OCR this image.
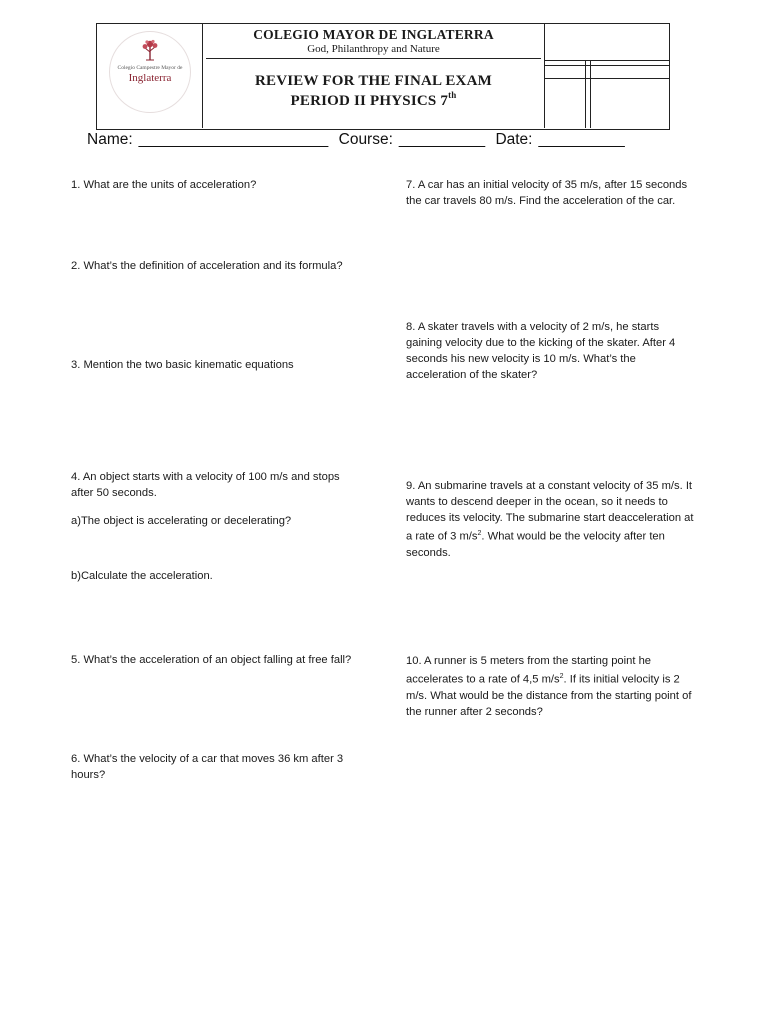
Colegio Campestre Mayor de
Inglaterra
COLEGIO MAYOR DE INGLATERRA
God, Philanthropy and Nature
REVIEW FOR THE FINAL EXAM
PERIOD II PHYSICS 7th
Name: ______________________ Course: __________ Date: __________
1. What are the units of acceleration?
2. What’s the definition of acceleration and its formula?
3. Mention the two basic kinematic equations
4. An object starts with a velocity of 100 m/s and stops after 50 seconds.
a)The object is accelerating or decelerating?
b)Calculate the acceleration.
5. What’s the acceleration of an object falling at free fall?
6. What’s the velocity of a car that moves 36 km after 3 hours?
7. A car has an initial velocity of 35 m/s, after 15 seconds the car travels 80 m/s. Find the acceleration of the car.
8. A skater travels with a velocity of 2 m/s, he starts gaining velocity due to the kicking of the skater. After 4 seconds his new velocity is 10 m/s. What’s the acceleration of the skater?
9. An submarine travels at a constant velocity of 35 m/s. It wants to descend deeper in the ocean, so it needs to reduces its velocity. The submarine start deacceleration at a rate of 3 $m/s^2$. What would be the velocity after ten seconds.
10. A runner is 5 meters from the starting point he accelerates to a rate of 4,5 $m/s^2$. If its initial velocity is 2 m/s. What would be the distance from the starting point of the runner after 2 seconds?
